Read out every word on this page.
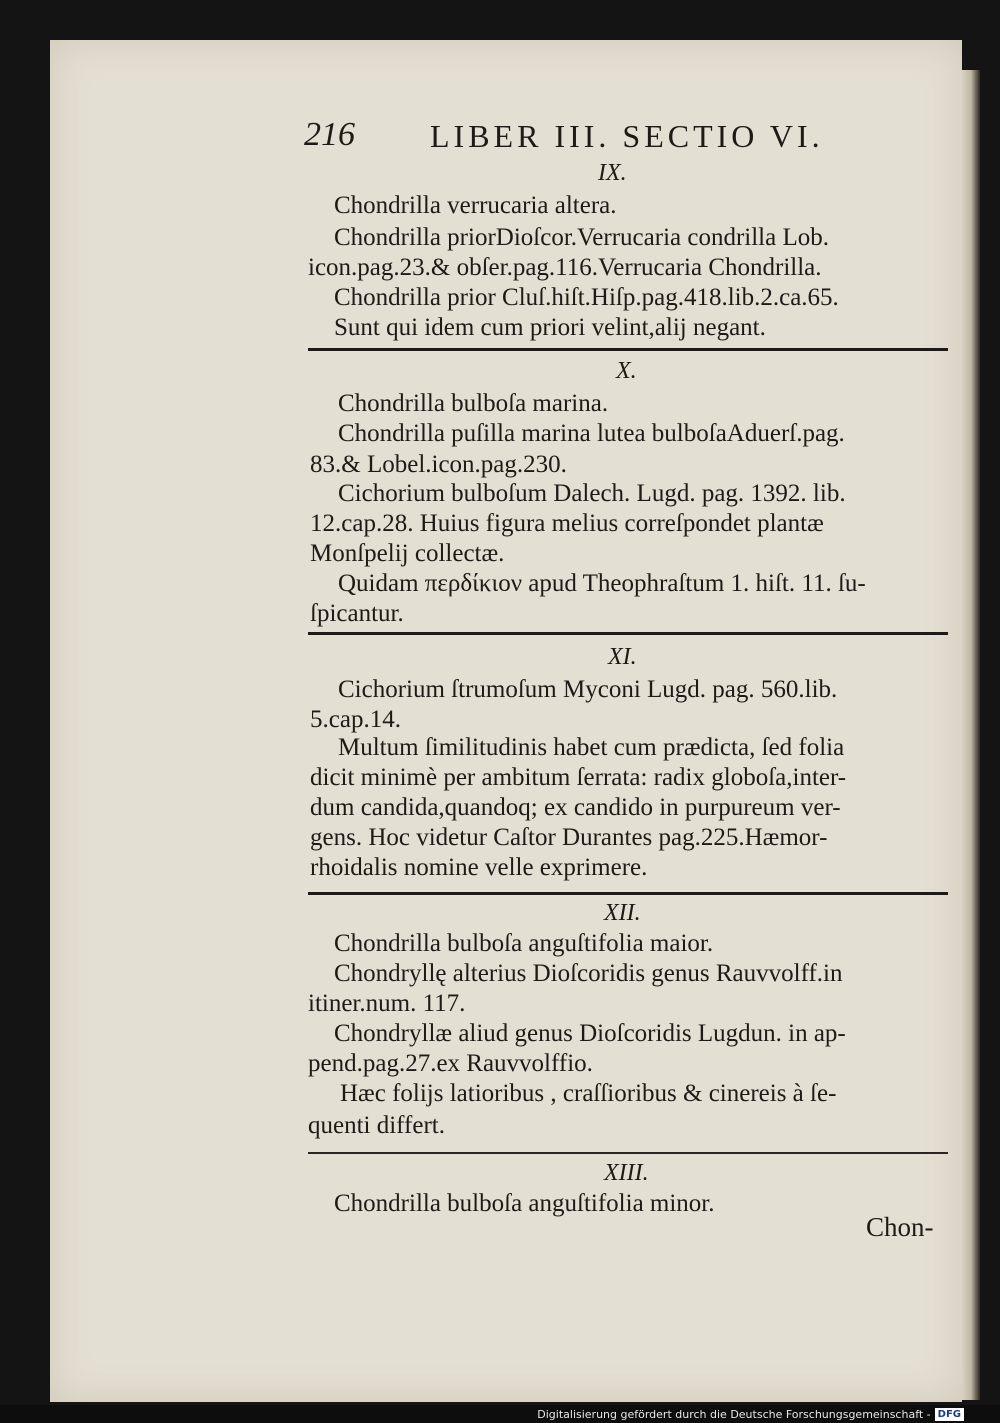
216 LIBER III. SECTIO VI.
IX.
Chondrilla verrucaria altera.
Chondrilla priorDioſcor.Verrucaria condrilla Lob.
icon.pag.23.& obſer.pag.116.Verrucaria Chondrilla.
Chondrilla prior Cluſ.hiſt.Hiſp.pag.418.lib.2.ca.65.
Sunt qui idem cum priori velint,alij negant.
X.
Chondrilla bulboſa marina.
Chondrilla puſilla marina lutea bulboſaAduerſ.pag.
83.& Lobel.icon.pag.230.
Cichorium bulboſum Dalech. Lugd. pag. 1392. lib.
12.cap.28. Huius figura melius correſpondet plantæ
Monſpelij collectæ.
Quidam περδίκιον apud Theophraſtum 1. hiſt. 11. ſu-
ſpicantur.
XI.
Cichorium ſtrumoſum Myconi Lugd. pag. 560.lib.
5.cap.14.
Multum ſimilitudinis habet cum prædicta, ſed folia
dicit minimè per ambitum ſerrata: radix globoſa,inter-
dum candida,quandoq; ex candido in purpureum ver-
gens. Hoc videtur Caſtor Durantes pag.225.Hæmor-
rhoidalis nomine velle exprimere.
XII.
Chondrilla bulboſa anguſtifolia maior.
Chondryllę alterius Dioſcoridis genus Rauvvolff.in
itiner.num. 117.
Chondryllæ aliud genus Dioſcoridis Lugdun. in ap-
pend.pag.27.ex Rauvvolffio.
Hæc folijs latioribus , craſſioribus & cinereis à ſe-
quenti differt.
XIII.
Chondrilla bulboſa anguſtifolia minor.
Chon-
Digitalisierung gefördert durch die Deutsche Forschungsgemeinschaft - DFG
